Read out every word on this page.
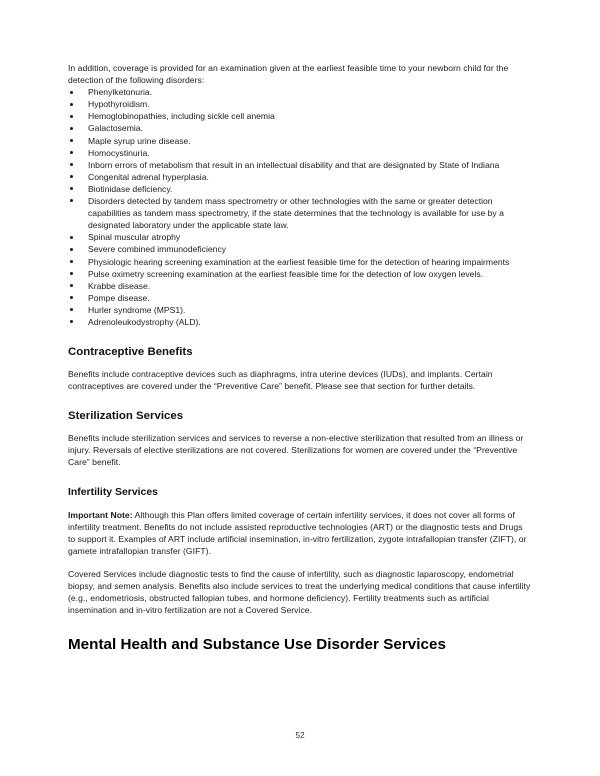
In addition, coverage is provided for an examination given at the earliest feasible time to your newborn child for the detection of the following disorders:

Phenylketonuria.
Hypothyroidism.
Hemoglobinopathies, including sickle cell anemia
Galactosemia.
Maple syrup urine disease.
Homocystinuria.
Inborn errors of metabolism that result in an intellectual disability and that are designated by State of Indiana
Congenital adrenal hyperplasia.
Biotinidase deficiency.
Disorders detected by tandem mass spectrometry or other technologies with the same or greater detection capabilities as tandem mass spectrometry, if the state determines that the technology is available for use by a designated laboratory under the applicable state law.
Spinal muscular atrophy
Severe combined immunodeficiency
Physiologic hearing screening examination at the earliest feasible time for the detection of hearing impairments
Pulse oximetry screening examination at the earliest feasible time for the detection of low oxygen levels.
Krabbe disease.
Pompe disease.
Hurler syndrome (MPS1).
Adrenoleukodystrophy (ALD).
Contraceptive Benefits

Benefits include contraceptive devices such as diaphragms, intra uterine devices (IUDs), and implants. Certain contraceptives are covered under the “Preventive Care” benefit. Please see that section for further details.

Sterilization Services

Benefits include sterilization services and services to reverse a non-elective sterilization that resulted from an illness or injury. Reversals of elective sterilizations are not covered. Sterilizations for women are covered under the “Preventive Care” benefit.

Infertility Services

Important Note: Although this Plan offers limited coverage of certain infertility services, it does not cover all forms of infertility treatment. Benefits do not include assisted reproductive technologies (ART) or the diagnostic tests and Drugs to support it. Examples of ART include artificial insemination, in-vitro fertilization, zygote intrafallopian transfer (ZIFT), or gamete intrafallopian transfer (GIFT).

Covered Services include diagnostic tests to find the cause of infertility, such as diagnostic laparoscopy, endometrial biopsy, and semen analysis. Benefits also include services to treat the underlying medical conditions that cause infertility (e.g., endometriosis, obstructed fallopian tubes, and hormone deficiency). Fertility treatments such as artificial insemination and in-vitro fertilization are not a Covered Service.

Mental Health and Substance Use Disorder Services
52
